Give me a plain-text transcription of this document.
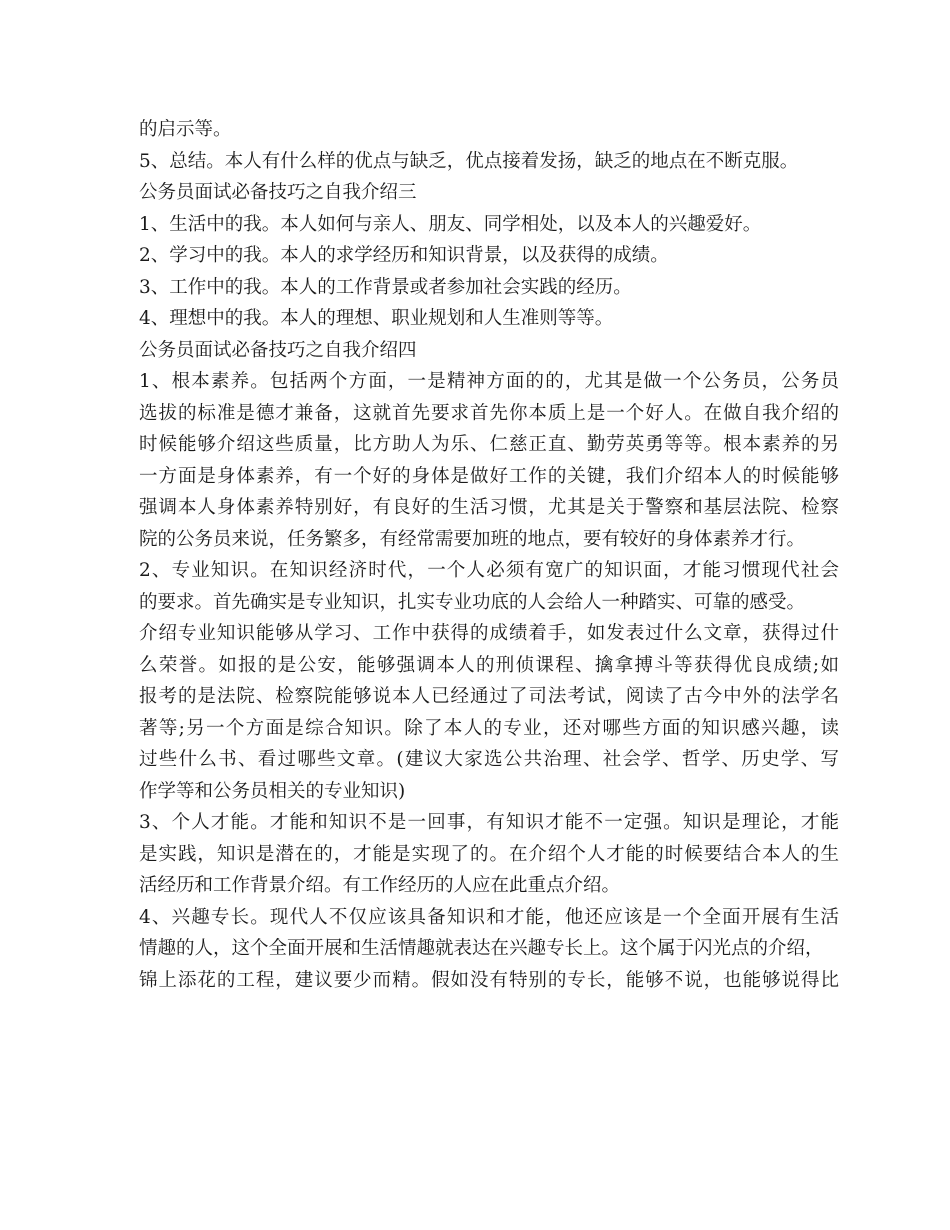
的启示等。
5、总结。本人有什么样的优点与缺乏，优点接着发扬，缺乏的地点在不断克服。
公务员面试必备技巧之自我介绍三
1、生活中的我。本人如何与亲人、朋友、同学相处，以及本人的兴趣爱好。
2、学习中的我。本人的求学经历和知识背景，以及获得的成绩。
3、工作中的我。本人的工作背景或者参加社会实践的经历。
4、理想中的我。本人的理想、职业规划和人生准则等等。
公务员面试必备技巧之自我介绍四
1、根本素养。包括两个方面，一是精神方面的的，尤其是做一个公务员，公务员
选拔的标准是德才兼备，这就首先要求首先你本质上是一个好人。在做自我介绍的
时候能够介绍这些质量，比方助人为乐、仁慈正直、勤劳英勇等等。根本素养的另
一方面是身体素养，有一个好的身体是做好工作的关键，我们介绍本人的时候能够
强调本人身体素养特别好，有良好的生活习惯，尤其是关于警察和基层法院、检察
院的公务员来说，任务繁多，有经常需要加班的地点，要有较好的身体素养才行。
2、专业知识。在知识经济时代，一个人必须有宽广的知识面，才能习惯现代社会
的要求。首先确实是专业知识，扎实专业功底的人会给人一种踏实、可靠的感受。
介绍专业知识能够从学习、工作中获得的成绩着手，如发表过什么文章，获得过什
么荣誉。如报的是公安，能够强调本人的刑侦课程、擒拿搏斗等获得优良成绩;如
报考的是法院、检察院能够说本人已经通过了司法考试，阅读了古今中外的法学名
著等;另一个方面是综合知识。除了本人的专业，还对哪些方面的知识感兴趣，读
过些什么书、看过哪些文章。(建议大家选公共治理、社会学、哲学、历史学、写
作学等和公务员相关的专业知识)
3、个人才能。才能和知识不是一回事，有知识才能不一定强。知识是理论，才能
是实践，知识是潜在的，才能是实现了的。在介绍个人才能的时候要结合本人的生
活经历和工作背景介绍。有工作经历的人应在此重点介绍。
4、兴趣专长。现代人不仅应该具备知识和才能，他还应该是一个全面开展有生活
情趣的人，这个全面开展和生活情趣就表达在兴趣专长上。这个属于闪光点的介绍，
锦上添花的工程，建议要少而精。假如没有特别的专长，能够不说，也能够说得比
